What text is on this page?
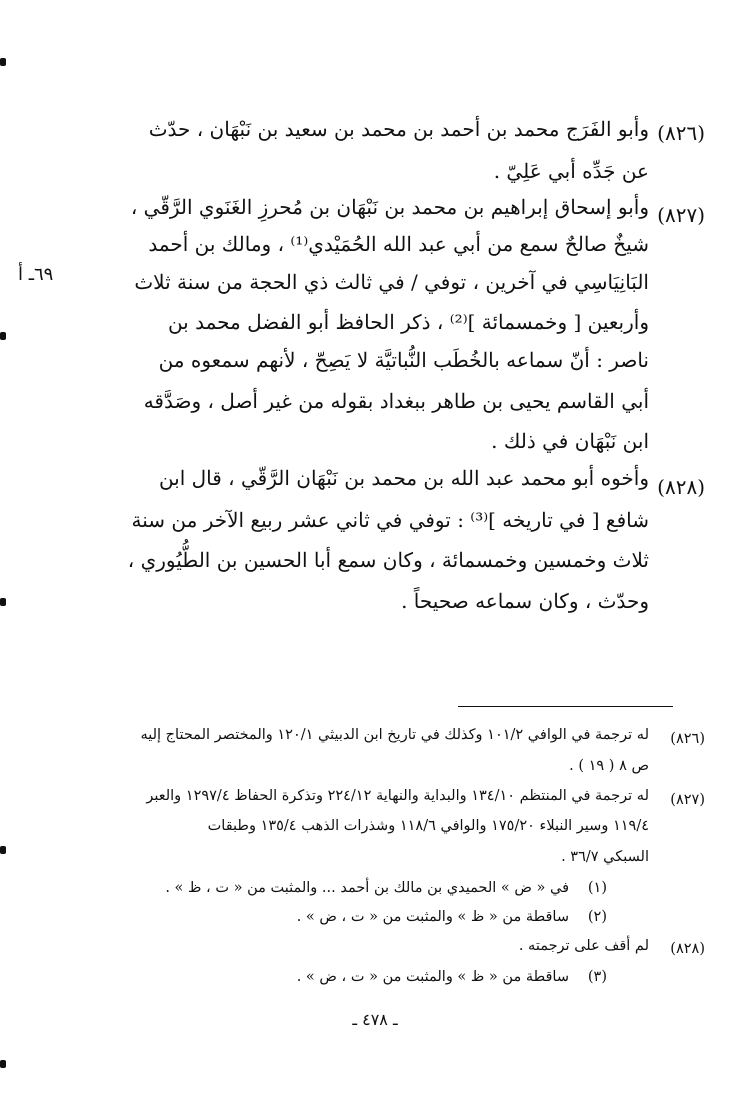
(٨٢٦)
وأبو الفَرَج محمد بن أحمد بن محمد بن سعيد بن نَبْهَان ، حدّث
عن جَدِّه أبي عَلِيّ .
(٨٢٧)
وأبو إسحاق إبراهيم بن محمد بن نَبْهَان بن مُحرزِ الغَنَوي الرَّقّي ،
شيخٌ صالحٌ سمع من أبي عبد الله الحُمَيْدي⁽¹⁾ ، ومالك بن أحمد
البَانِيَاسِي في آخرين ، توفي / في ثالث ذي الحجة من سنة ثلاث
٦٩ـ أ
وأربعين [ وخمسمائة ]⁽²⁾ ، ذكر الحافظ أبو الفضل محمد بن
ناصر : أنّ سماعه بالخُطَب النُّباتيَّة لا يَصِحّ ، لأنهم سمعوه من
أبي القاسم يحيى بن طاهر ببغداد بقوله من غير أصل ، وصَدَّقه
ابن نَبْهَان في ذلك .
(٨٢٨)
وأخوه أبو محمد عبد الله بن محمد بن نَبْهَان الرَّقّي ، قال ابن
شافع [ في تاريخه ]⁽³⁾ : توفي في ثاني عشر ربيع الآخر من سنة
ثلاث وخمسين وخمسمائة ، وكان سمع أبا الحسين بن الطُّيُوري ،
وحدّث ، وكان سماعه صحيحاً .
(٨٢٦)
له ترجمة في الوافي ١٠١/٢ وكذلك في تاريخ ابن الدبيثي ١٢٠/١ والمختصر المحتاج إليه
ص ٨ ( ١٩ ) .
(٨٢٧)
له ترجمة في المنتظم ١٣٤/١٠ والبداية والنهاية ٢٢٤/١٢ وتذكرة الحفاظ ١٢٩٧/٤ والعبر
١١٩/٤ وسير النبلاء ١٧٥/٢٠ والوافي ١١٨/٦ وشذرات الذهب ١٣٥/٤ وطبقات
السبكي ٣٦/٧ .
(١)
في « ض » الحميدي بن مالك بن أحمد ... والمثبت من « ت ، ظ » .
(٢)
ساقطة من « ظ » والمثبت من « ت ، ض » .
(٨٢٨)
لم أقف على ترجمته .
(٣)
ساقطة من « ظ » والمثبت من « ت ، ض » .
ـ ٤٧٨ ـ
